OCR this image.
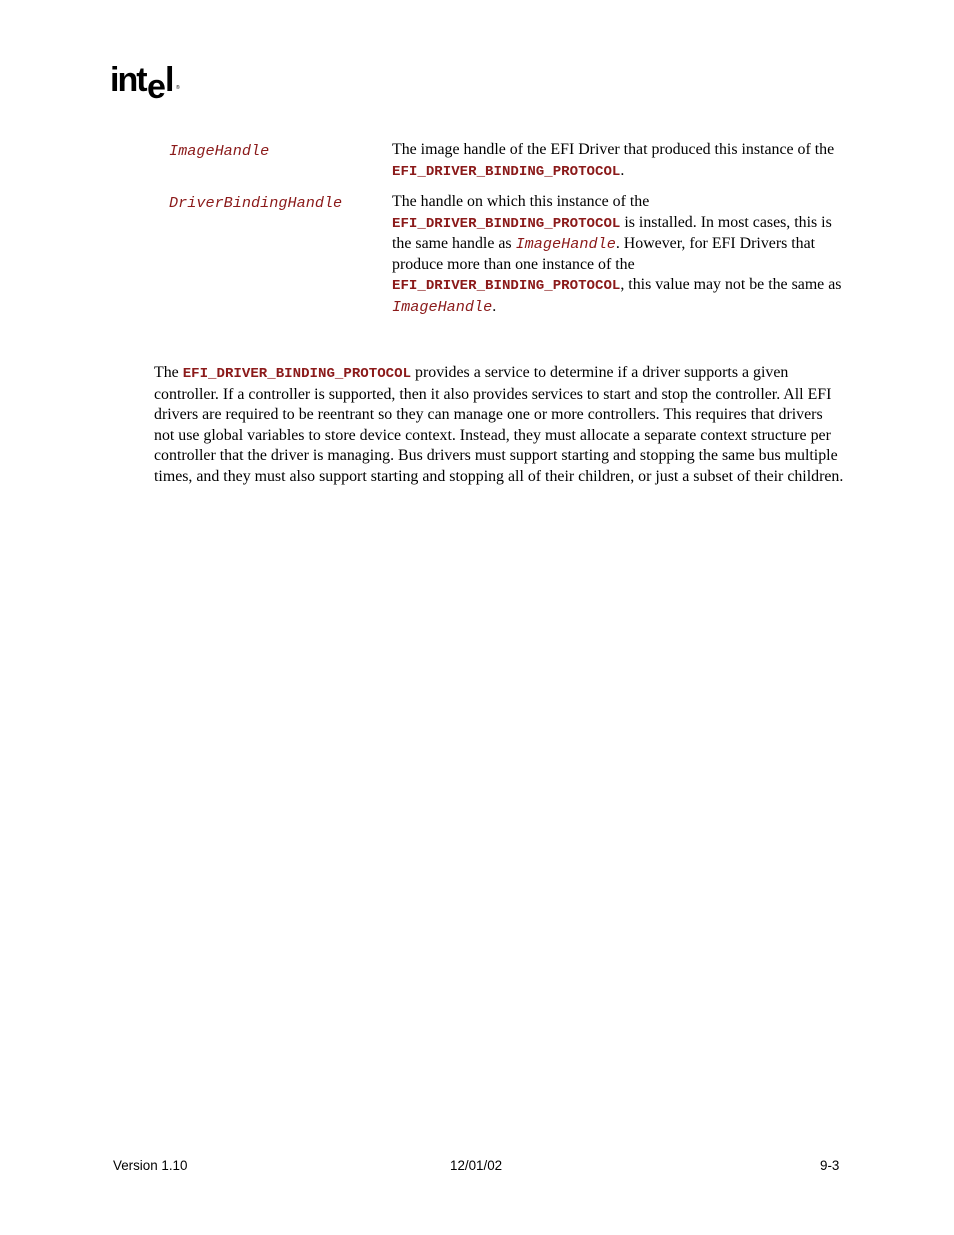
int e l ®
ImageHandle	The image handle of the EFI Driver that produced this instance of the EFI_DRIVER_BINDING_PROTOCOL.
DriverBindingHandle	The handle on which this instance of the
EFI_DRIVER_BINDING_PROTOCOL is installed. In most cases, this is the same handle as ImageHandle. However, for EFI Drivers that produce more than one instance of the EFI_DRIVER_BINDING_PROTOCOL, this value may not be the same as ImageHandle.
The EFI_DRIVER_BINDING_PROTOCOL provides a service to determine if a driver supports a given controller. If a controller is supported, then it also provides services to start and stop the controller. All EFI drivers are required to be reentrant so they can manage one or more controllers. This requires that drivers not use global variables to store device context. Instead, they must allocate a separate context structure per controller that the driver is managing. Bus drivers must support starting and stopping the same bus multiple times, and they must also support starting and stopping all of their children, or just a subset of their children.
Version 1.10	12/01/02	9-3
